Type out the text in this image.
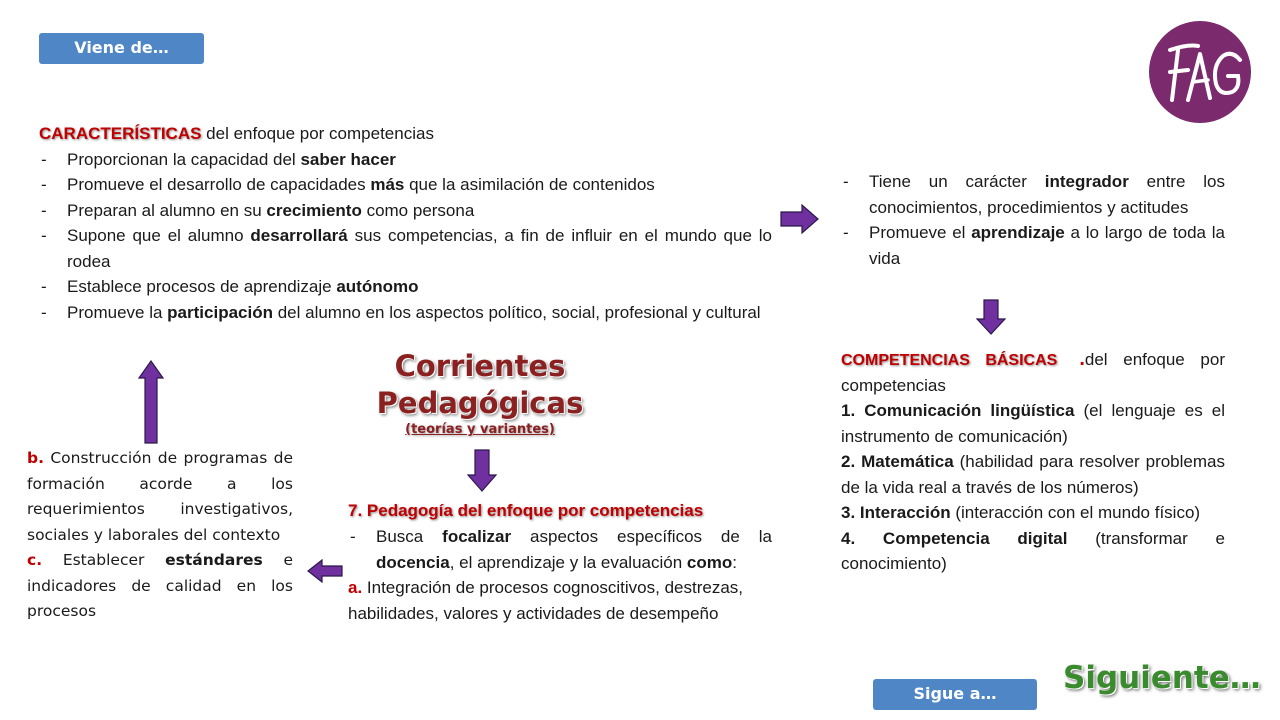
Viene de…
Sigue a…	Siguiente…

CARACTERÍSTICAS del enfoque por competencias

- Proporcionan la capacidad del saber hacer
- Promueve el desarrollo de capacidades más que la asimilación de contenidos
- Preparan al alumno en su crecimiento como persona
- Supone que el alumno desarrollará sus competencias, a fin de influir en el mundo que lo rodea
- Establece procesos de aprendizaje autónomo
- Promueve la participación del alumno en los aspectos político, social, profesional y cultural
- Tiene un carácter integrador entre los conocimientos, procedimientos y actitudes
- Promueve el aprendizaje a lo largo de toda la vida
Corrientes
Pedagógicas
(teorías y variantes)

COMPETENCIAS BÁSICAS .del enfoque por competencias

1. Comunicación lingüística (el lenguaje es el instrumento de comunicación)

2. Matemática (habilidad para resolver problemas de la vida real a través de los números)

3. Interacción (interacción con el mundo físico)

4. Competencia digital (transformar e conocimiento)

7. Pedagogía del enfoque por competencias

- Busca focalizar aspectos específicos de la docencia, el aprendizaje y la evaluación como:

a. Integración de procesos cognoscitivos, destrezas, habilidades, valores y actividades de desempeño

b. Construcción de programas de formación acorde a los requerimientos investigativos, sociales y laborales del contexto

c. Establecer estándares e indicadores de calidad en los procesos
